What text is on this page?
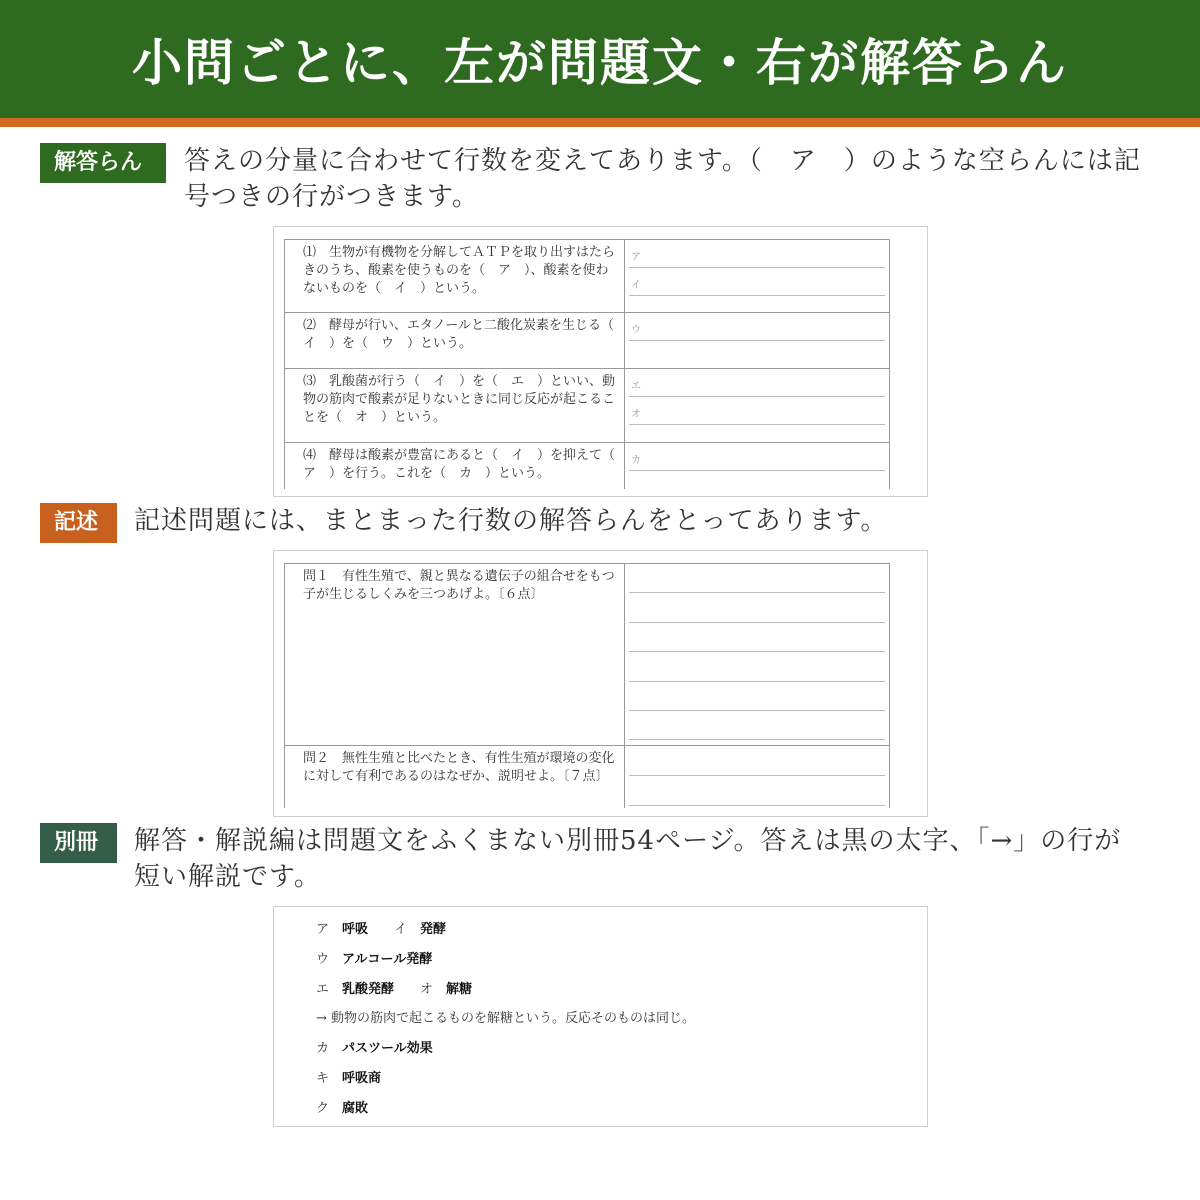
小問ごとに、左が問題文・右が解答らん
解答らん	答えの分量に合わせて行数を変えてあります。（　ア　）のような空らんには記
号つきの行がつきます。

⑴　生物が有機物を分解してＡＴＰを取り出すはたらきのうち、酸素を使うものを（　ア　）、酸素を使わないものを（　イ　）という。
ア
イ
⑵　酵母が行い、エタノールと二酸化炭素を生じる（　イ　）を（　ウ　）という。
ウ
⑶　乳酸菌が行う（　イ　）を（　エ　）といい、動物の筋肉で酸素が足りないときに同じ反応が起こることを（　オ　）という。
エ
オ
⑷　酵母は酸素が豊富にあると（　イ　）を抑えて（　ア　）を行う。これを（　カ　）という。
カ
記述	記述問題には、まとまった行数の解答らんをとってあります。

問１　有性生殖で、親と異なる遺伝子の組合せをもつ子が生じるしくみを三つあげよ。〔６点〕
問２　無性生殖と比べたとき、有性生殖が環境の変化に対して有利であるのはなぜか、説明せよ。〔７点〕
別冊	解答・解説編は問題文をふくまない別冊54ページ。答えは黒の太字、「→」の行が
短い解説です。

ア 呼吸 イ 発酵
ウ アルコール発酵
エ 乳酸発酵 オ 解糖
→ 動物の筋肉で起こるものを解糖という。反応そのものは同じ。
カ パスツール効果
キ 呼吸商
ク 腐敗
